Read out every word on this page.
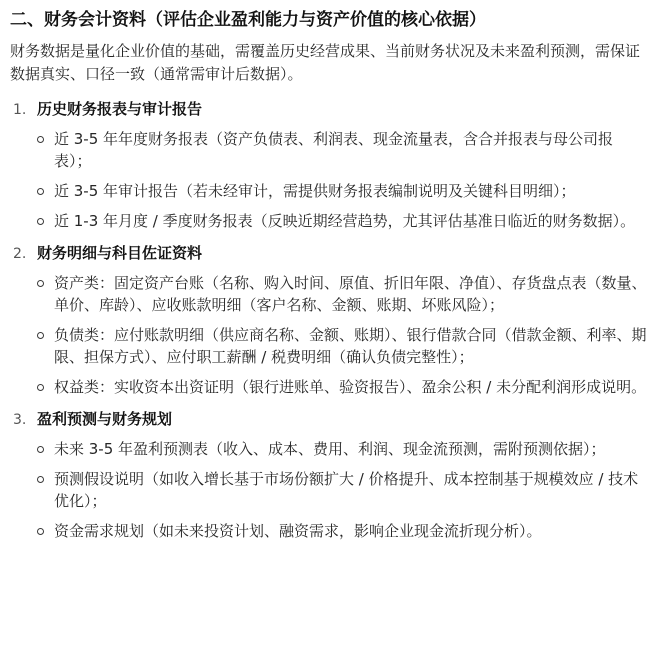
二、财务会计资料（评估企业盈利能力与资产价值的核心依据）
财务数据是量化企业价值的基础，需覆盖历史经营成果、当前财务状况及未来盈利预测，需保证数据真实、口径一致（通常需审计后数据）。
1. 历史财务报表与审计报告
近 3-5 年年度财务报表（资产负债表、利润表、现金流量表，含合并报表与母公司报表）；
近 3-5 年审计报告（若未经审计，需提供财务报表编制说明及关键科目明细）；
近 1-3 年月度 / 季度财务报表（反映近期经营趋势，尤其评估基准日临近的财务数据）。
2. 财务明细与科目佐证资料
资产类：固定资产台账（名称、购入时间、原值、折旧年限、净值）、存货盘点表（数量、单价、库龄）、应收账款明细（客户名称、金额、账期、坏账风险）；
负债类：应付账款明细（供应商名称、金额、账期）、银行借款合同（借款金额、利率、期限、担保方式）、应付职工薪酬 / 税费明细（确认负债完整性）；
权益类：实收资本出资证明（银行进账单、验资报告）、盈余公积 / 未分配利润形成说明。
3. 盈利预测与财务规划
未来 3-5 年盈利预测表（收入、成本、费用、利润、现金流预测，需附预测依据）；
预测假设说明（如收入增长基于市场份额扩大 / 价格提升、成本控制基于规模效应 / 技术优化）；
资金需求规划（如未来投资计划、融资需求，影响企业现金流折现分析）。
